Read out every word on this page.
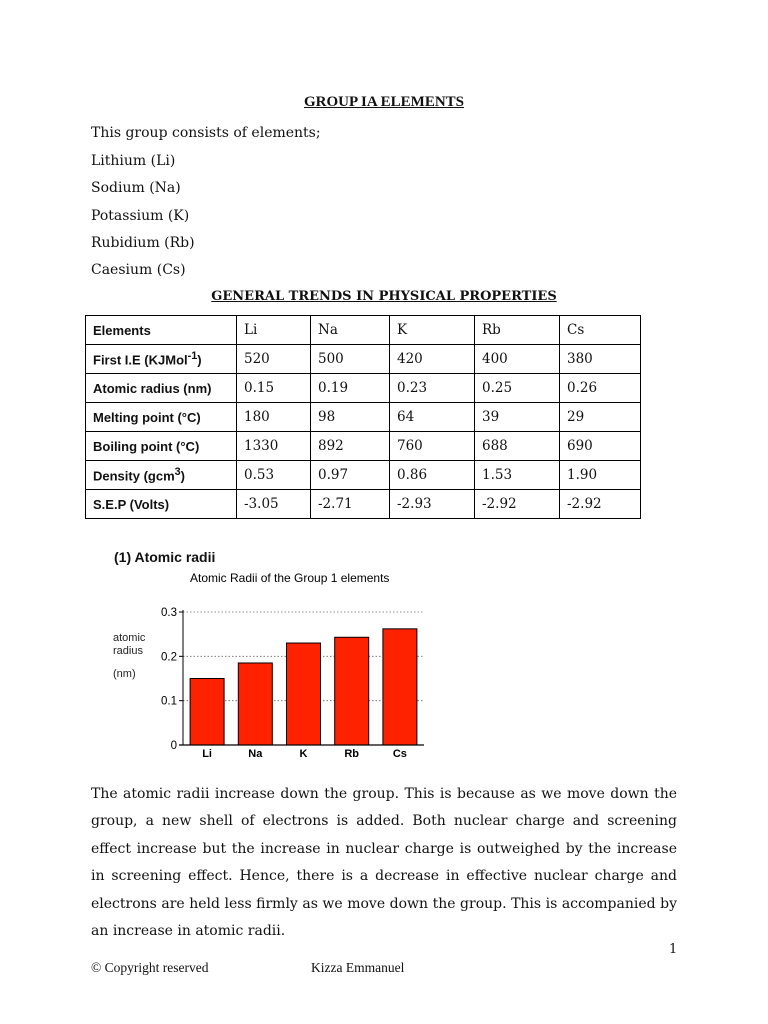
GROUP IA ELEMENTS
This group consists of elements;
Lithium (Li)
Sodium (Na)
Potassium (K)
Rubidium (Rb)
Caesium (Cs)
GENERAL TRENDS IN PHYSICAL PROPERTIES
Elements	Li	Na	K	Rb	Cs
First I.E (KJMol$^{-1}$)	520	500	420	400	380
Atomic radius (nm)	0.15	0.19	0.23	0.25	0.26
Melting point (°C)	180	98	64	39	29
Boiling point (°C)	1330	892	760	688	690
Density (gcm$^3$)	0.53	0.97	0.86	1.53	1.90
S.E.P (Volts)	-3.05	-2.71	-2.93	-2.92	-2.92
(1) Atomic radii
Atomic Radii of the Group 1 elements
atomic
radius
(nm)
0
0.1
0.2
0.3
Li	Na	K	Rb	Cs
The atomic radii increase down the group. This is because as we move down the group, a new shell of electrons is added. Both nuclear charge and screening effect increase but the increase in nuclear charge is outweighed by the increase in screening effect. Hence, there is a decrease in effective nuclear charge and electrons are held less firmly as we move down the group. This is accompanied by an increase in atomic radii.
1
© Copyright reserved	Kizza Emmanuel
